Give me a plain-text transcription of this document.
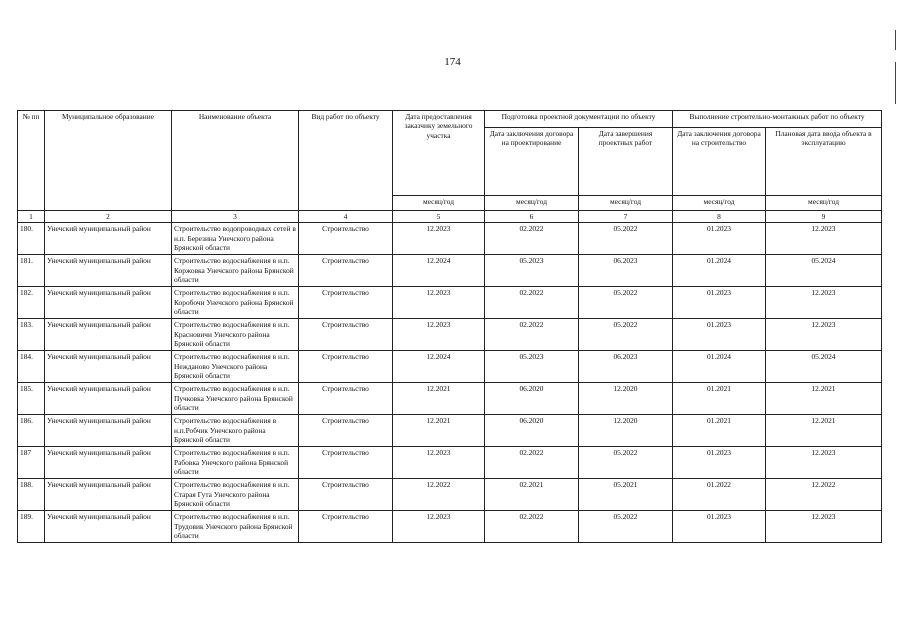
174
№ пп	Муниципальное образование	Наименование объекта	Вид работ по объекту	Дата предоставления заказчику земельного участка	Подготовка проектной документации по объекту		Выполнение строительно-монтажных работ по объекту	
					Дата заключения договора на проектирование	Дата завершения проектных работ	Дата заключения договора на строительство	Плановая дата ввода объекта в эксплуатацию
				месяц/год	месяц/год	месяц/год	месяц/год	месяц/год
1	2	3	4	5	6	7	8	9
180.	Унечский муниципальный район	Строительство водопроводных сетей в н.п. Березина Унечского района Брянской области	Строительство	12.2023	02.2022	05.2022	01.2023	12.2023
181.	Унечский муниципальный район	Строительство водоснабжения в н.п. Коржовка Унечского района Брянской области	Строительство	12.2024	05.2023	06.2023	01.2024	05.2024
182.	Унечский муниципальный район	Строительство водоснабжения в н.п. Коробочи Унечского района Брянской области	Строительство	12.2023	02.2022	05.2022	01.2023	12.2023
183.	Унечский муниципальный район	Строительство водоснабжения в н.п. Красновичи Унечского района Брянской области	Строительство	12.2023	02.2022	05.2022	01.2023	12.2023
184.	Унечский муниципальный район	Строительство водоснабжения в н.п. Нежданово Унечского района Брянской области	Строительство	12.2024	05.2023	06.2023	01.2024	05.2024
185.	Унечский муниципальный район	Строительство водоснабжения в н.п. Пучковка Унечского района Брянской области	Строительство	12.2021	06.2020	12.2020	01.2021	12.2021
186.	Унечский муниципальный район	Строительство водоснабжения в н.п.Робчик Унечского района Брянской области	Строительство	12.2021	06.2020	12.2020	01.2021	12.2021
187	Унечский муниципальный район	Строительство водоснабжения в н.п. Рабовка Унечского района Брянской области	Строительство	12.2023	02.2022	05.2022	01.2023	12.2023
188.	Унечский муниципальный район	Строительство водоснабжения в н.п. Старая Гута Унечского района Брянской области	Строительство	12.2022	02.2021	05.2021	01.2022	12.2022
189.	Унечский муниципальный район	Строительство водоснабжения в н.п. Трудовик Унечского района Брянской области	Строительство	12.2023	02.2022	05.2022	01.2023	12.2023
